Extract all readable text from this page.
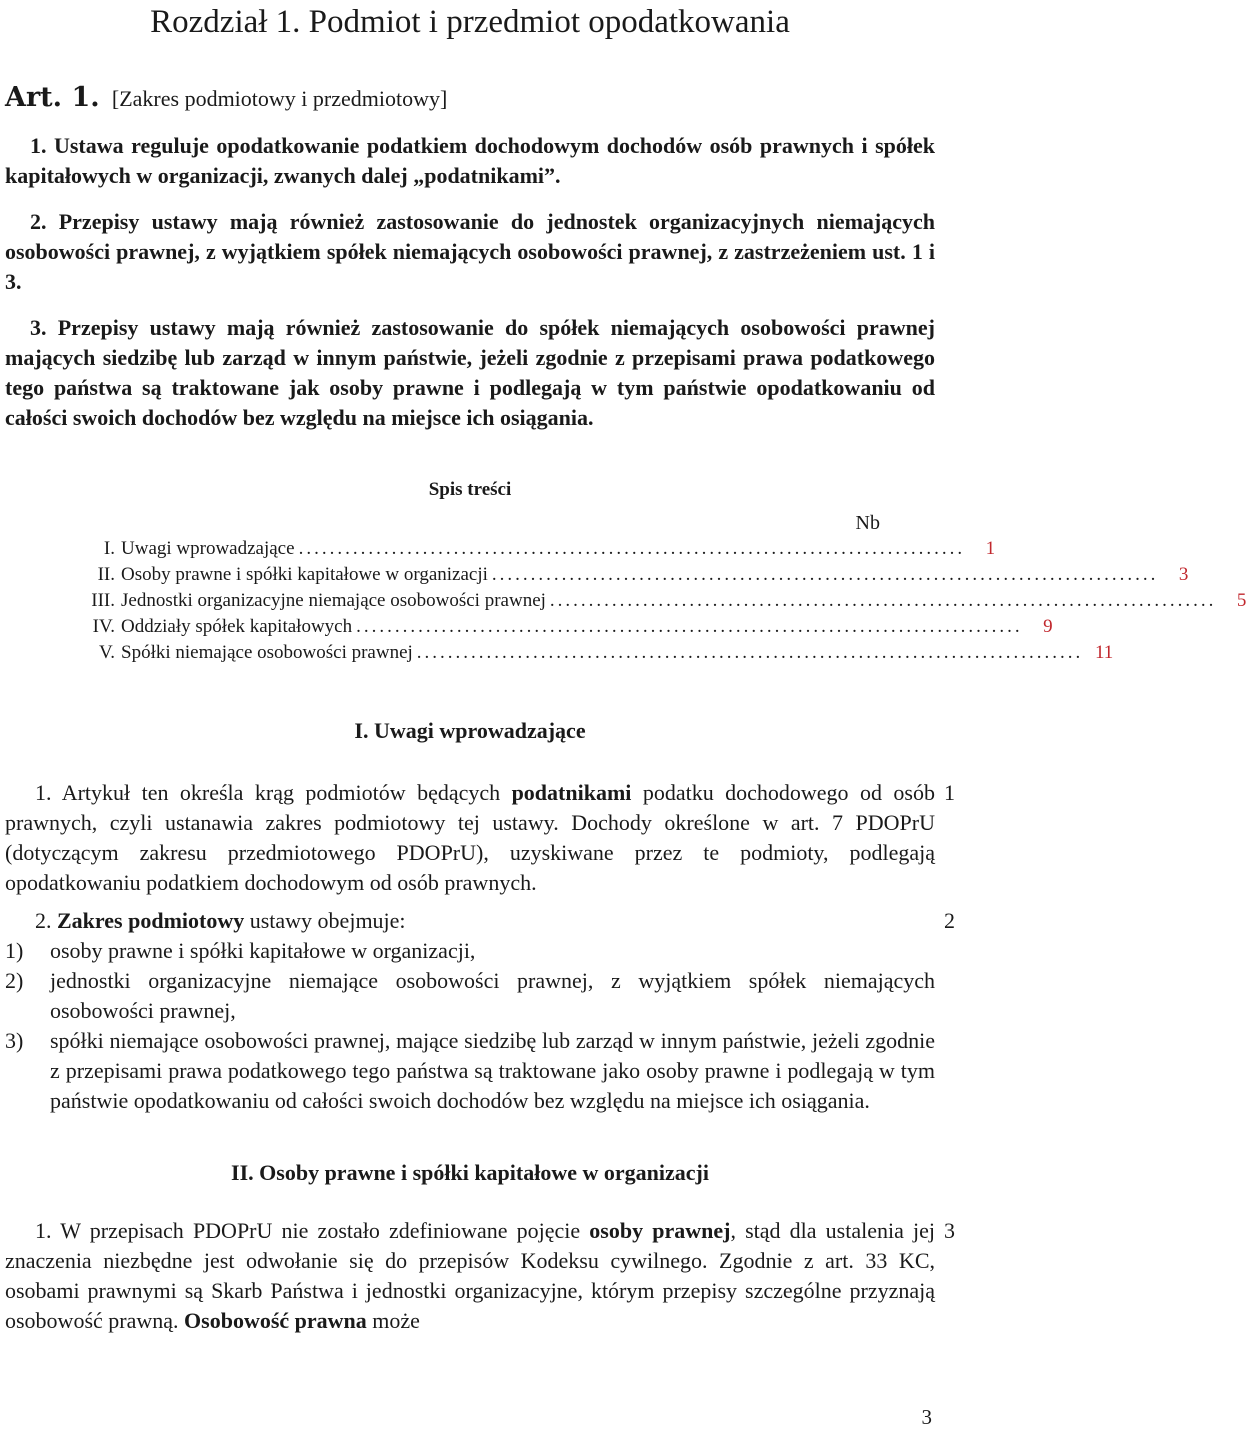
Rozdział 1. Podmiot i przedmiot opodatkowania
Art. 1. [Zakres podmiotowy i przedmiotowy]

1. Ustawa reguluje opodatkowanie podatkiem dochodowym dochodów osób prawnych i spółek kapitałowych w organizacji, zwanych dalej „podatnikami”.

2. Przepisy ustawy mają również zastosowanie do jednostek organizacyjnych niemających osobowości prawnej, z wyjątkiem spółek niemających osobowości prawnej, z zastrzeżeniem ust. 1 i 3.

3. Przepisy ustawy mają również zastosowanie do spółek niemających osobowości prawnej mających siedzibę lub zarząd w innym państwie, jeżeli zgodnie z przepisami prawa podatkowego tego państwa są traktowane jak osoby prawne i podlegają w tym państwie opodatkowaniu od całości swoich dochodów bez względu na miejsce ich osiągania.

Spis treści
Nb
I. Uwagi wprowadzające ......................................................................................	1
II. Osoby prawne i spółki kapitałowe w organizacji ......................................................................................	3
III. Jednostki organizacyjne niemające osobowości prawnej ......................................................................................	5
IV. Oddziały spółek kapitałowych ......................................................................................	9
V. Spółki niemające osobowości prawnej ...................................................................................... 11
I. Uwagi wprowadzające
1

1. Artykuł ten określa krąg podmiotów będących podatnikami podatku dochodowego od osób prawnych, czyli ustanawia zakres podmiotowy tej ustawy. Dochody określone w art. 7 PDOPrU (dotyczącym zakresu przedmiotowego PDOPrU), uzyskiwane przez te podmioty, podlegają opodatkowaniu podatkiem dochodowym od osób prawnych.

2

2. Zakres podmiotowy ustawy obejmuje:

1) osoby prawne i spółki kapitałowe w organizacji,
2) jednostki organizacyjne niemające osobowości prawnej, z wyjątkiem spółek niemających osobowości prawnej,
3) spółki niemające osobowości prawnej, mające siedzibę lub zarząd w innym państwie, jeżeli zgodnie z przepisami prawa podatkowego tego państwa są traktowane jako osoby prawne i podlegają w tym państwie opodatkowaniu od całości swoich dochodów bez względu na miejsce ich osiągania.
II. Osoby prawne i spółki kapitałowe w organizacji
3

1. W przepisach PDOPrU nie zostało zdefiniowane pojęcie osoby prawnej, stąd dla ustalenia jej znaczenia niezbędne jest odwołanie się do przepisów Kodeksu cywilnego. Zgodnie z art. 33 KC, osobami prawnymi są Skarb Państwa i jednostki organizacyjne, którym przepisy szczególne przyznają osobowość prawną. Osobowość prawna może

3
